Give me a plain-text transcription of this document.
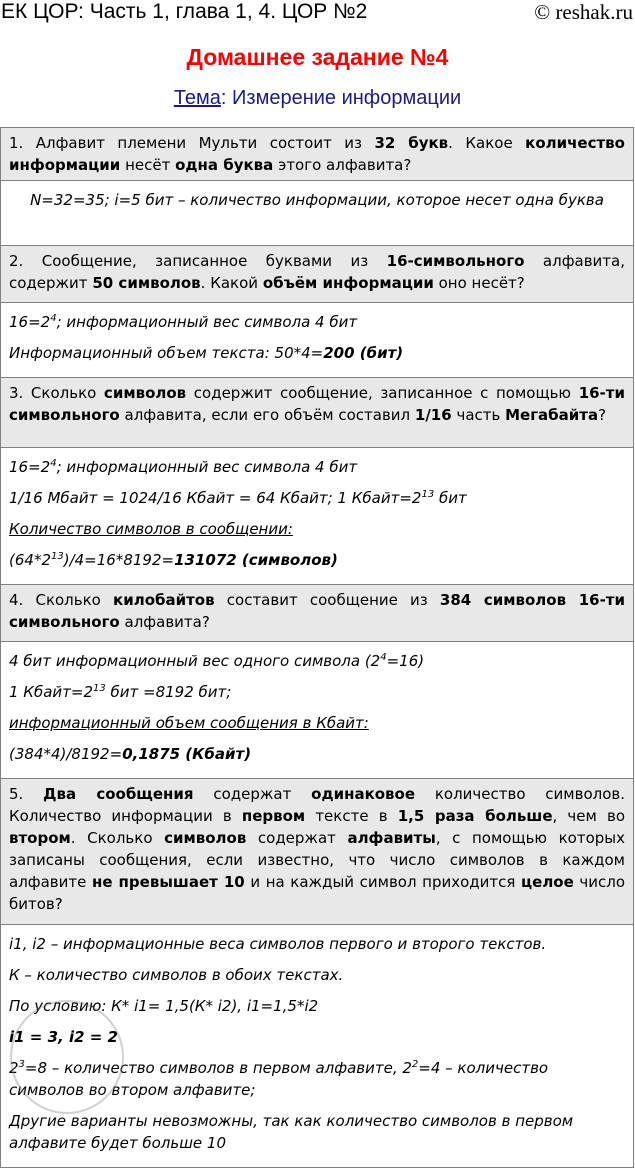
ЕК ЦОР: Часть 1, глава 1, 4. ЦОР №2	© reshak.ru
Домашнее задание №4
Тема: Измерение информации
1. Алфавит племени Мульти состоит из 32 букв. Какое количество информации несёт одна буква этого алфавита?

N=32=35; i=5 бит – количество информации, которое несет одна буква

2. Сообщение, записанное буквами из 16-символьного алфавита, содержит 50 символов. Какой объём информации оно несёт?

$16=2^4$; информационный вес символа 4 бит

Информационный объем текста: 50*4=200 (бит)

3. Сколько символов содержит сообщение, записанное с помощью 16-ти символьного алфавита, если его объём составил 1/16 часть Мегабайта?

$16=2^4$; информационный вес символа 4 бит

1/16 Мбайт = 1024/16 Кбайт = 64 Кбайт; 1 $Кбайт=2^{13}$ бит

Количество символов в сообщении:

$(64*2^{13})/4=16*8192=131072$ (символов)

4. Сколько килобайтов составит сообщение из 384 символов 16-ти символьного алфавита?

4 бит информационный вес одного символа $(2^4=16)$

1 $Кбайт=2^{13}$ бит =8192 бит;

информационный объем сообщения в Кбайт:

(384*4)/8192=0,1875 (Кбайт)

5. Два сообщения содержат одинаковое количество символов. Количество информации в первом тексте в 1,5 раза больше, чем во втором. Сколько символов содержат алфавиты, с помощью которых записаны сообщения, если известно, что число символов в каждом алфавите не превышает 10 и на каждый символ приходится целое число битов?

i1, i2 – информационные веса символов первого и второго текстов.

К – количество символов в обоих текстах.

По условию: К* i1= 1,5(К* i2), i1=1,5*i2

i1 = 3, i2 = 2

$2^3=8$ – количество символов в первом алфавите, $2^2=4$ – количество символов во втором алфавите;

Другие варианты невозможны, так как количество символов в первом алфавите будет больше 10
